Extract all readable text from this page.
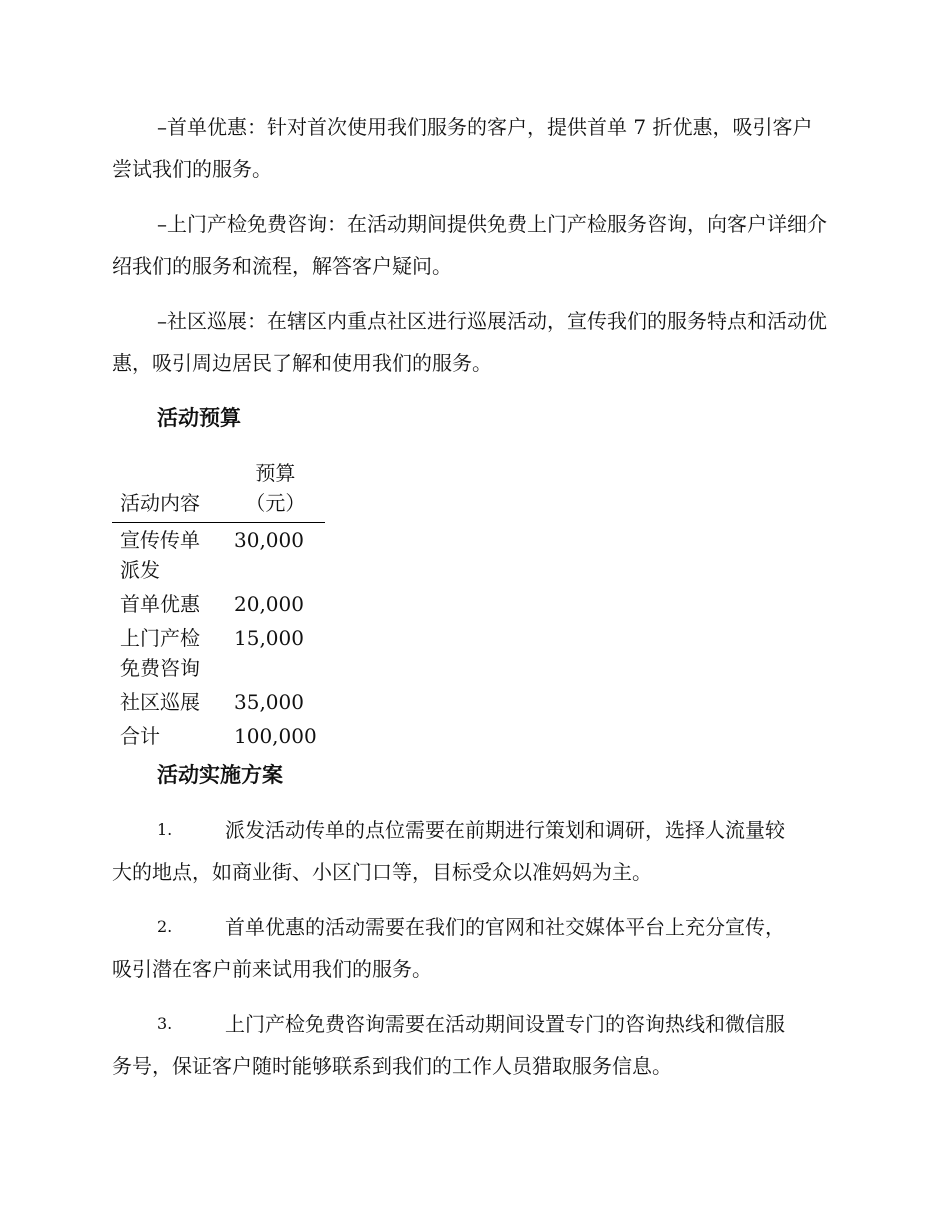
–首单优惠：针对首次使用我们服务的客户，提供首单 7 折优惠，吸引客户尝试我们的服务。

–上门产检免费咨询：在活动期间提供免费上门产检服务咨询，向客户详细介绍我们的服务和流程，解答客户疑问。

–社区巡展：在辖区内重点社区进行巡展活动，宣传我们的服务特点和活动优惠，吸引周边居民了解和使用我们的服务。

活动预算
活动内容	预算（元）
宣传传单派发	30,000
首单优惠	20,000
上门产检免费咨询	15,000
社区巡展	35,000
合计	100,000
活动实施方案
1.	派发活动传单的点位需要在前期进行策划和调研，选择人流量较
大的地点，如商业街、小区门口等，目标受众以准妈妈为主。

2.	首单优惠的活动需要在我们的官网和社交媒体平台上充分宣传，
吸引潜在客户前来试用我们的服务。

3.	上门产检免费咨询需要在活动期间设置专门的咨询热线和微信服
务号，保证客户随时能够联系到我们的工作人员猎取服务信息。
